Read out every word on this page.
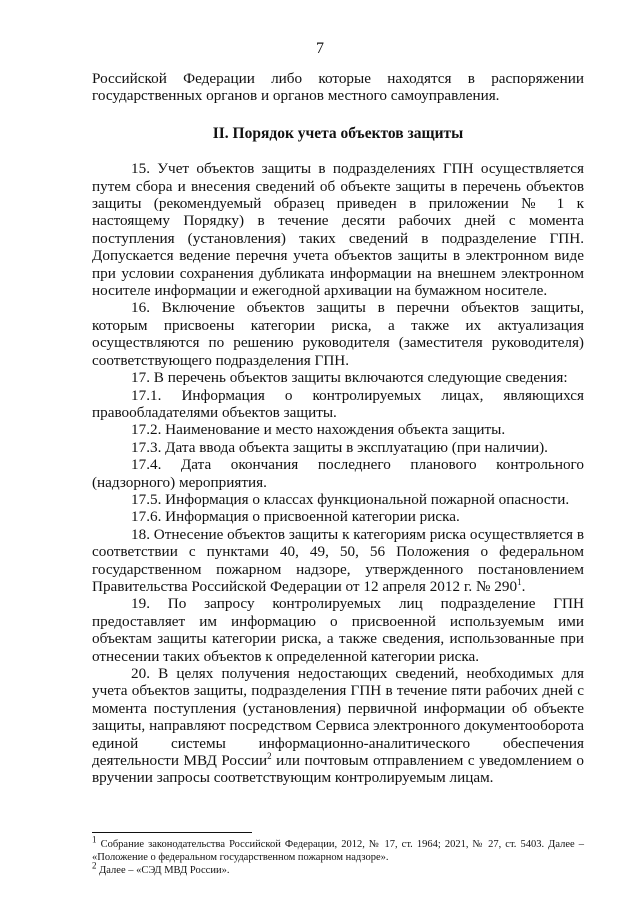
7

Российской Федерации либо которые находятся в распоряжении государственных органов и органов местного самоуправления.

II. Порядок учета объектов защиты

15. Учет объектов защиты в подразделениях ГПН осуществляется путем сбора и внесения сведений об объекте защиты в перечень объектов защиты (рекомендуемый образец приведен в приложении № 1 к настоящему Порядку) в течение десяти рабочих дней с момента поступления (установления) таких сведений в подразделение ГПН. Допускается ведение перечня учета объектов защиты в электронном виде при условии сохранения дубликата информации на внешнем электронном носителе информации и ежегодной архивации на бумажном носителе.

16. Включение объектов защиты в перечни объектов защиты, которым присвоены категории риска, а также их актуализация осуществляются по решению руководителя (заместителя руководителя) соответствующего подразделения ГПН.

17. В перечень объектов защиты включаются следующие сведения:

17.1. Информация о контролируемых лицах, являющихся правообладателями объектов защиты.

17.2. Наименование и место нахождения объекта защиты.

17.3. Дата ввода объекта защиты в эксплуатацию (при наличии).

17.4. Дата окончания последнего планового контрольного (надзорного) мероприятия.

17.5. Информация о классах функциональной пожарной опасности.

17.6. Информация о присвоенной категории риска.

18. Отнесение объектов защиты к категориям риска осуществляется в соответствии с пунктами 40, 49, 50, 56 Положения о федеральном государственном пожарном надзоре, утвержденного постановлением Правительства Российской Федерации от 12 апреля 2012 г. № $290^1$.

19. По запросу контролируемых лиц подразделение ГПН предоставляет им информацию о присвоенной используемым ими объектам защиты категории риска, а также сведения, использованные при отнесении таких объектов к определенной категории риска.

20. В целях получения недостающих сведений, необходимых для учета объектов защиты, подразделения ГПН в течение пяти рабочих дней с момента поступления (установления) первичной информации об объекте защиты, направляют посредством Сервиса электронного документооборота единой системы информационно-аналитического обеспечения деятельности МВД России$^2$ или почтовым отправлением с уведомлением о вручении запросы соответствующим контролируемым лицам.

$^1$ Собрание законодательства Российской Федерации, 2012, № 17, ст. 1964; 2021, № 27, ст. 5403. Далее – «Положение о федеральном государственном пожарном надзоре».

$^2$ Далее – «СЭД МВД России».
